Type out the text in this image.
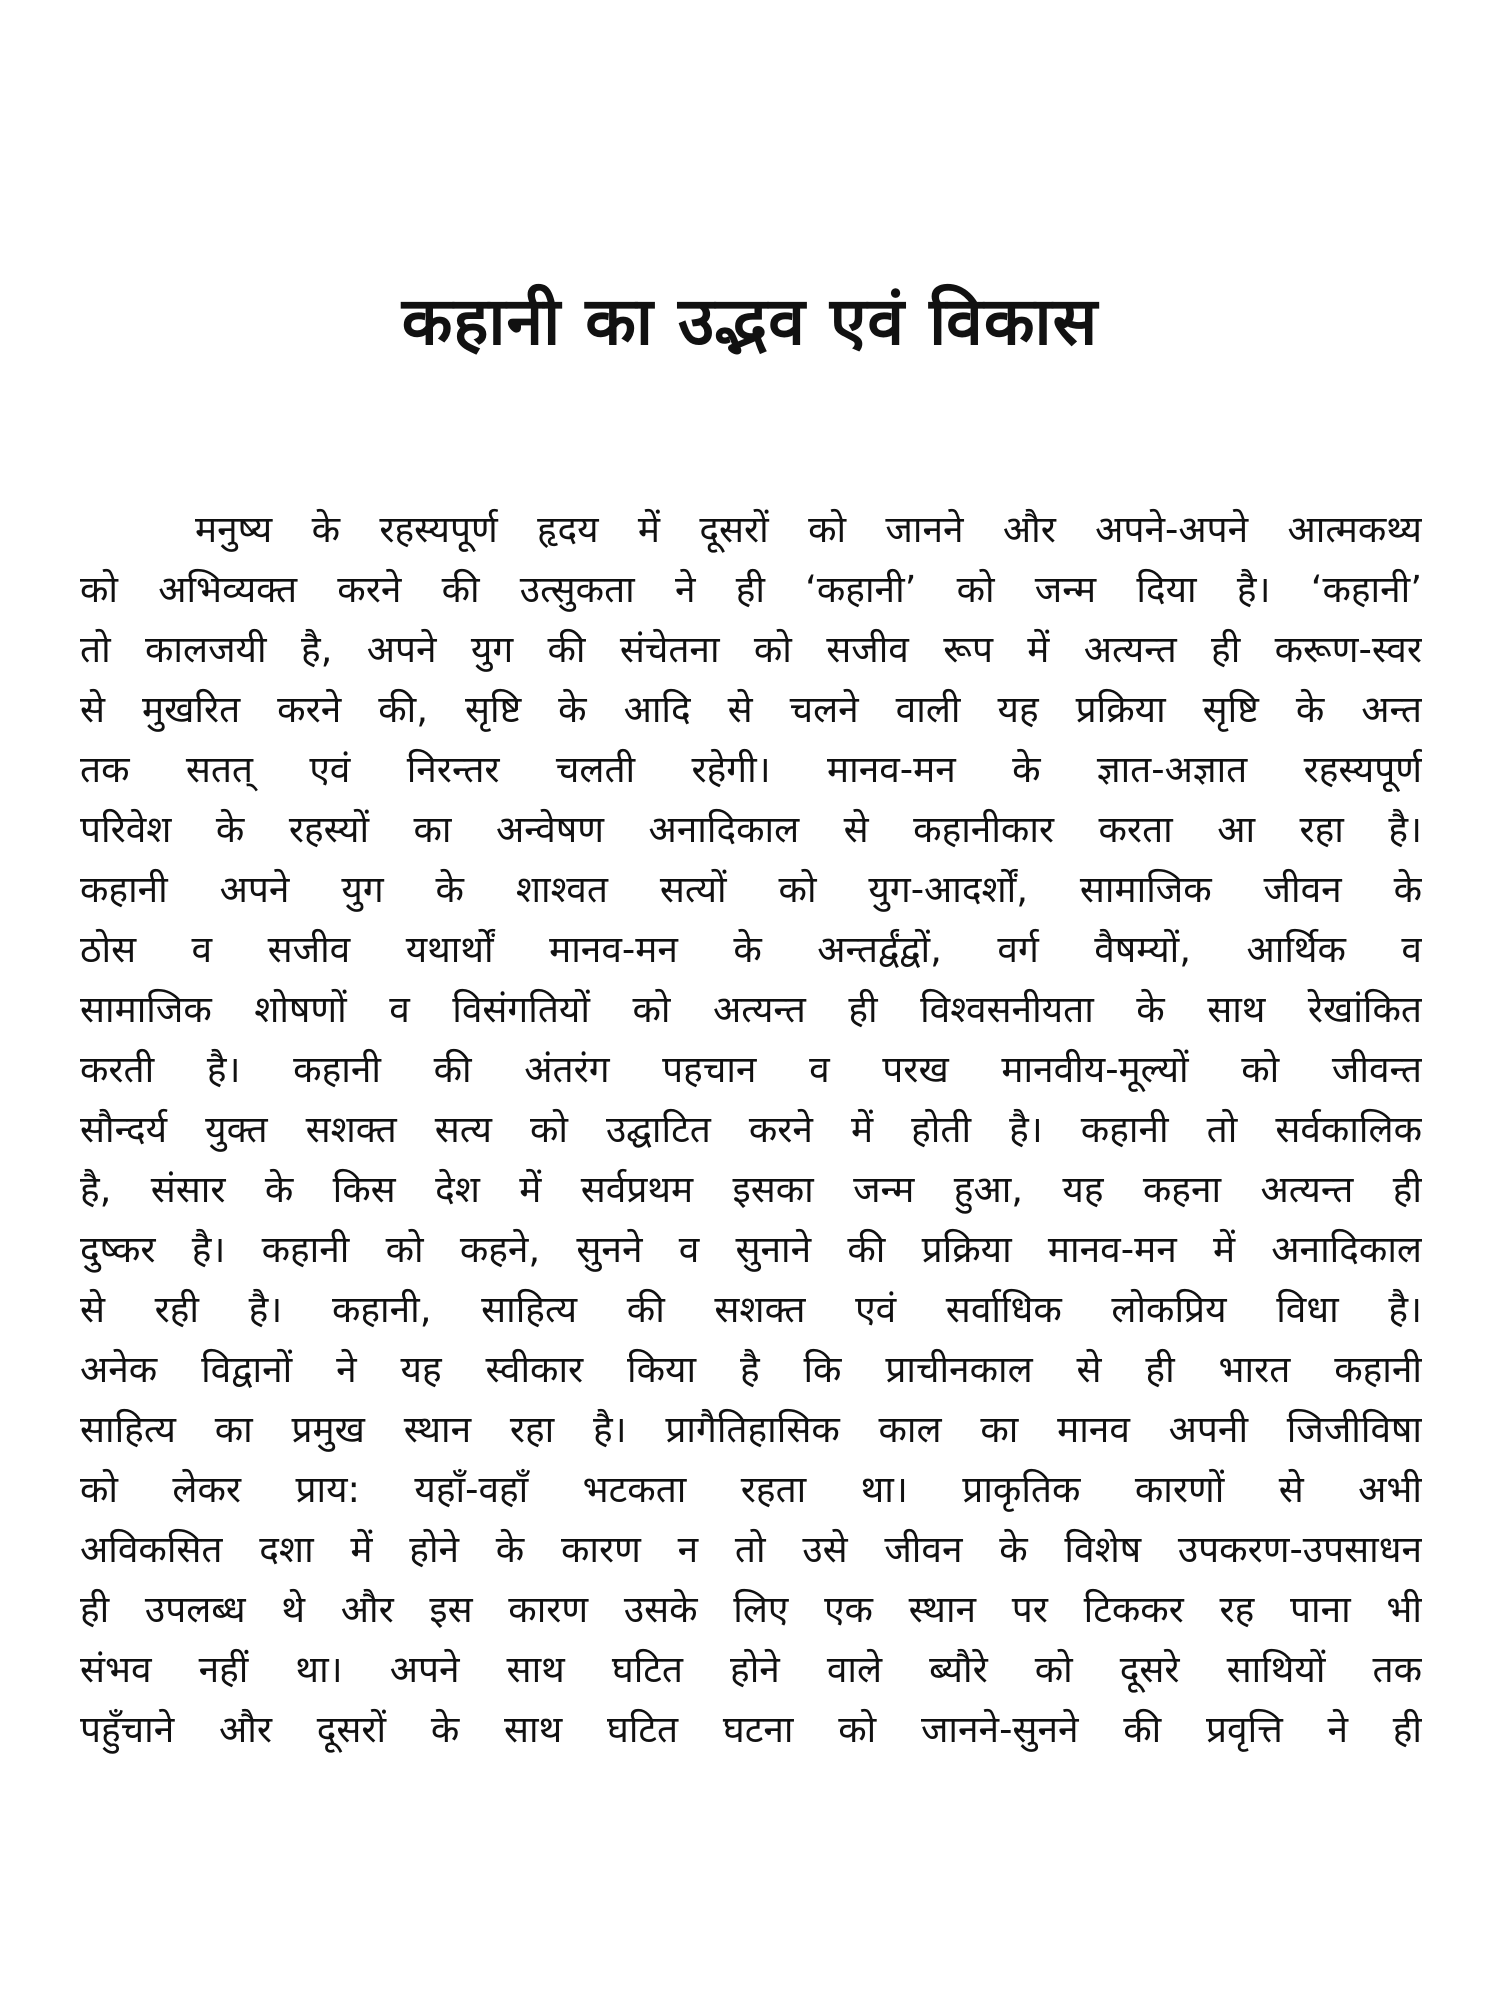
कहानी का उद्भव एवं विकास
मनुष्य के रहस्यपूर्ण हृदय में दूसरों को जानने और अपने-अपने आत्मकथ्य
को अभिव्यक्त करने की उत्सुकता ने ही ‘कहानी’ को जन्म दिया है। ‘कहानी’
तो कालजयी है, अपने युग की संचेतना को सजीव रूप में अत्यन्त ही करूण-स्वर
से मुखरित करने की, सृष्टि के आदि से चलने वाली यह प्रक्रिया सृष्टि के अन्त
तक सतत् एवं निरन्तर चलती रहेगी। मानव-मन के ज्ञात-अज्ञात रहस्यपूर्ण
परिवेश के रहस्यों का अन्वेषण अनादिकाल से कहानीकार करता आ रहा है।
कहानी अपने युग के शाश्वत सत्यों को युग-आदर्शों, सामाजिक जीवन के
ठोस व सजीव यथार्थों मानव-मन के अन्तर्द्वंद्वों, वर्ग वैषम्यों, आर्थिक व
सामाजिक शोषणों व विसंगतियों को अत्यन्त ही विश्वसनीयता के साथ रेखांकित
करती है। कहानी की अंतरंग पहचान व परख मानवीय-मूल्यों को जीवन्त
सौन्दर्य युक्त सशक्त सत्य को उद्घाटित करने में होती है। कहानी तो सर्वकालिक
है, संसार के किस देश में सर्वप्रथम इसका जन्म हुआ, यह कहना अत्यन्त ही
दुष्कर है। कहानी को कहने, सुनने व सुनाने की प्रक्रिया मानव-मन में अनादिकाल
से रही है। कहानी, साहित्य की सशक्त एवं सर्वाधिक लोकप्रिय विधा है।
अनेक विद्वानों ने यह स्वीकार किया है कि प्राचीनकाल से ही भारत कहानी
साहित्य का प्रमुख स्थान रहा है। प्रागैतिहासिक काल का मानव अपनी जिजीविषा
को लेकर प्राय: यहाँ-वहाँ भटकता रहता था। प्राकृतिक कारणों से अभी
अविकसित दशा में होने के कारण न तो उसे जीवन के विशेष उपकरण-उपसाधन
ही उपलब्ध थे और इस कारण उसके लिए एक स्थान पर टिककर रह पाना भी
संभव नहीं था। अपने साथ घटित होने वाले ब्यौरे को दूसरे साथियों तक
पहुँचाने और दूसरों के साथ घटित घटना को जानने-सुनने की प्रवृत्ति ने ही
